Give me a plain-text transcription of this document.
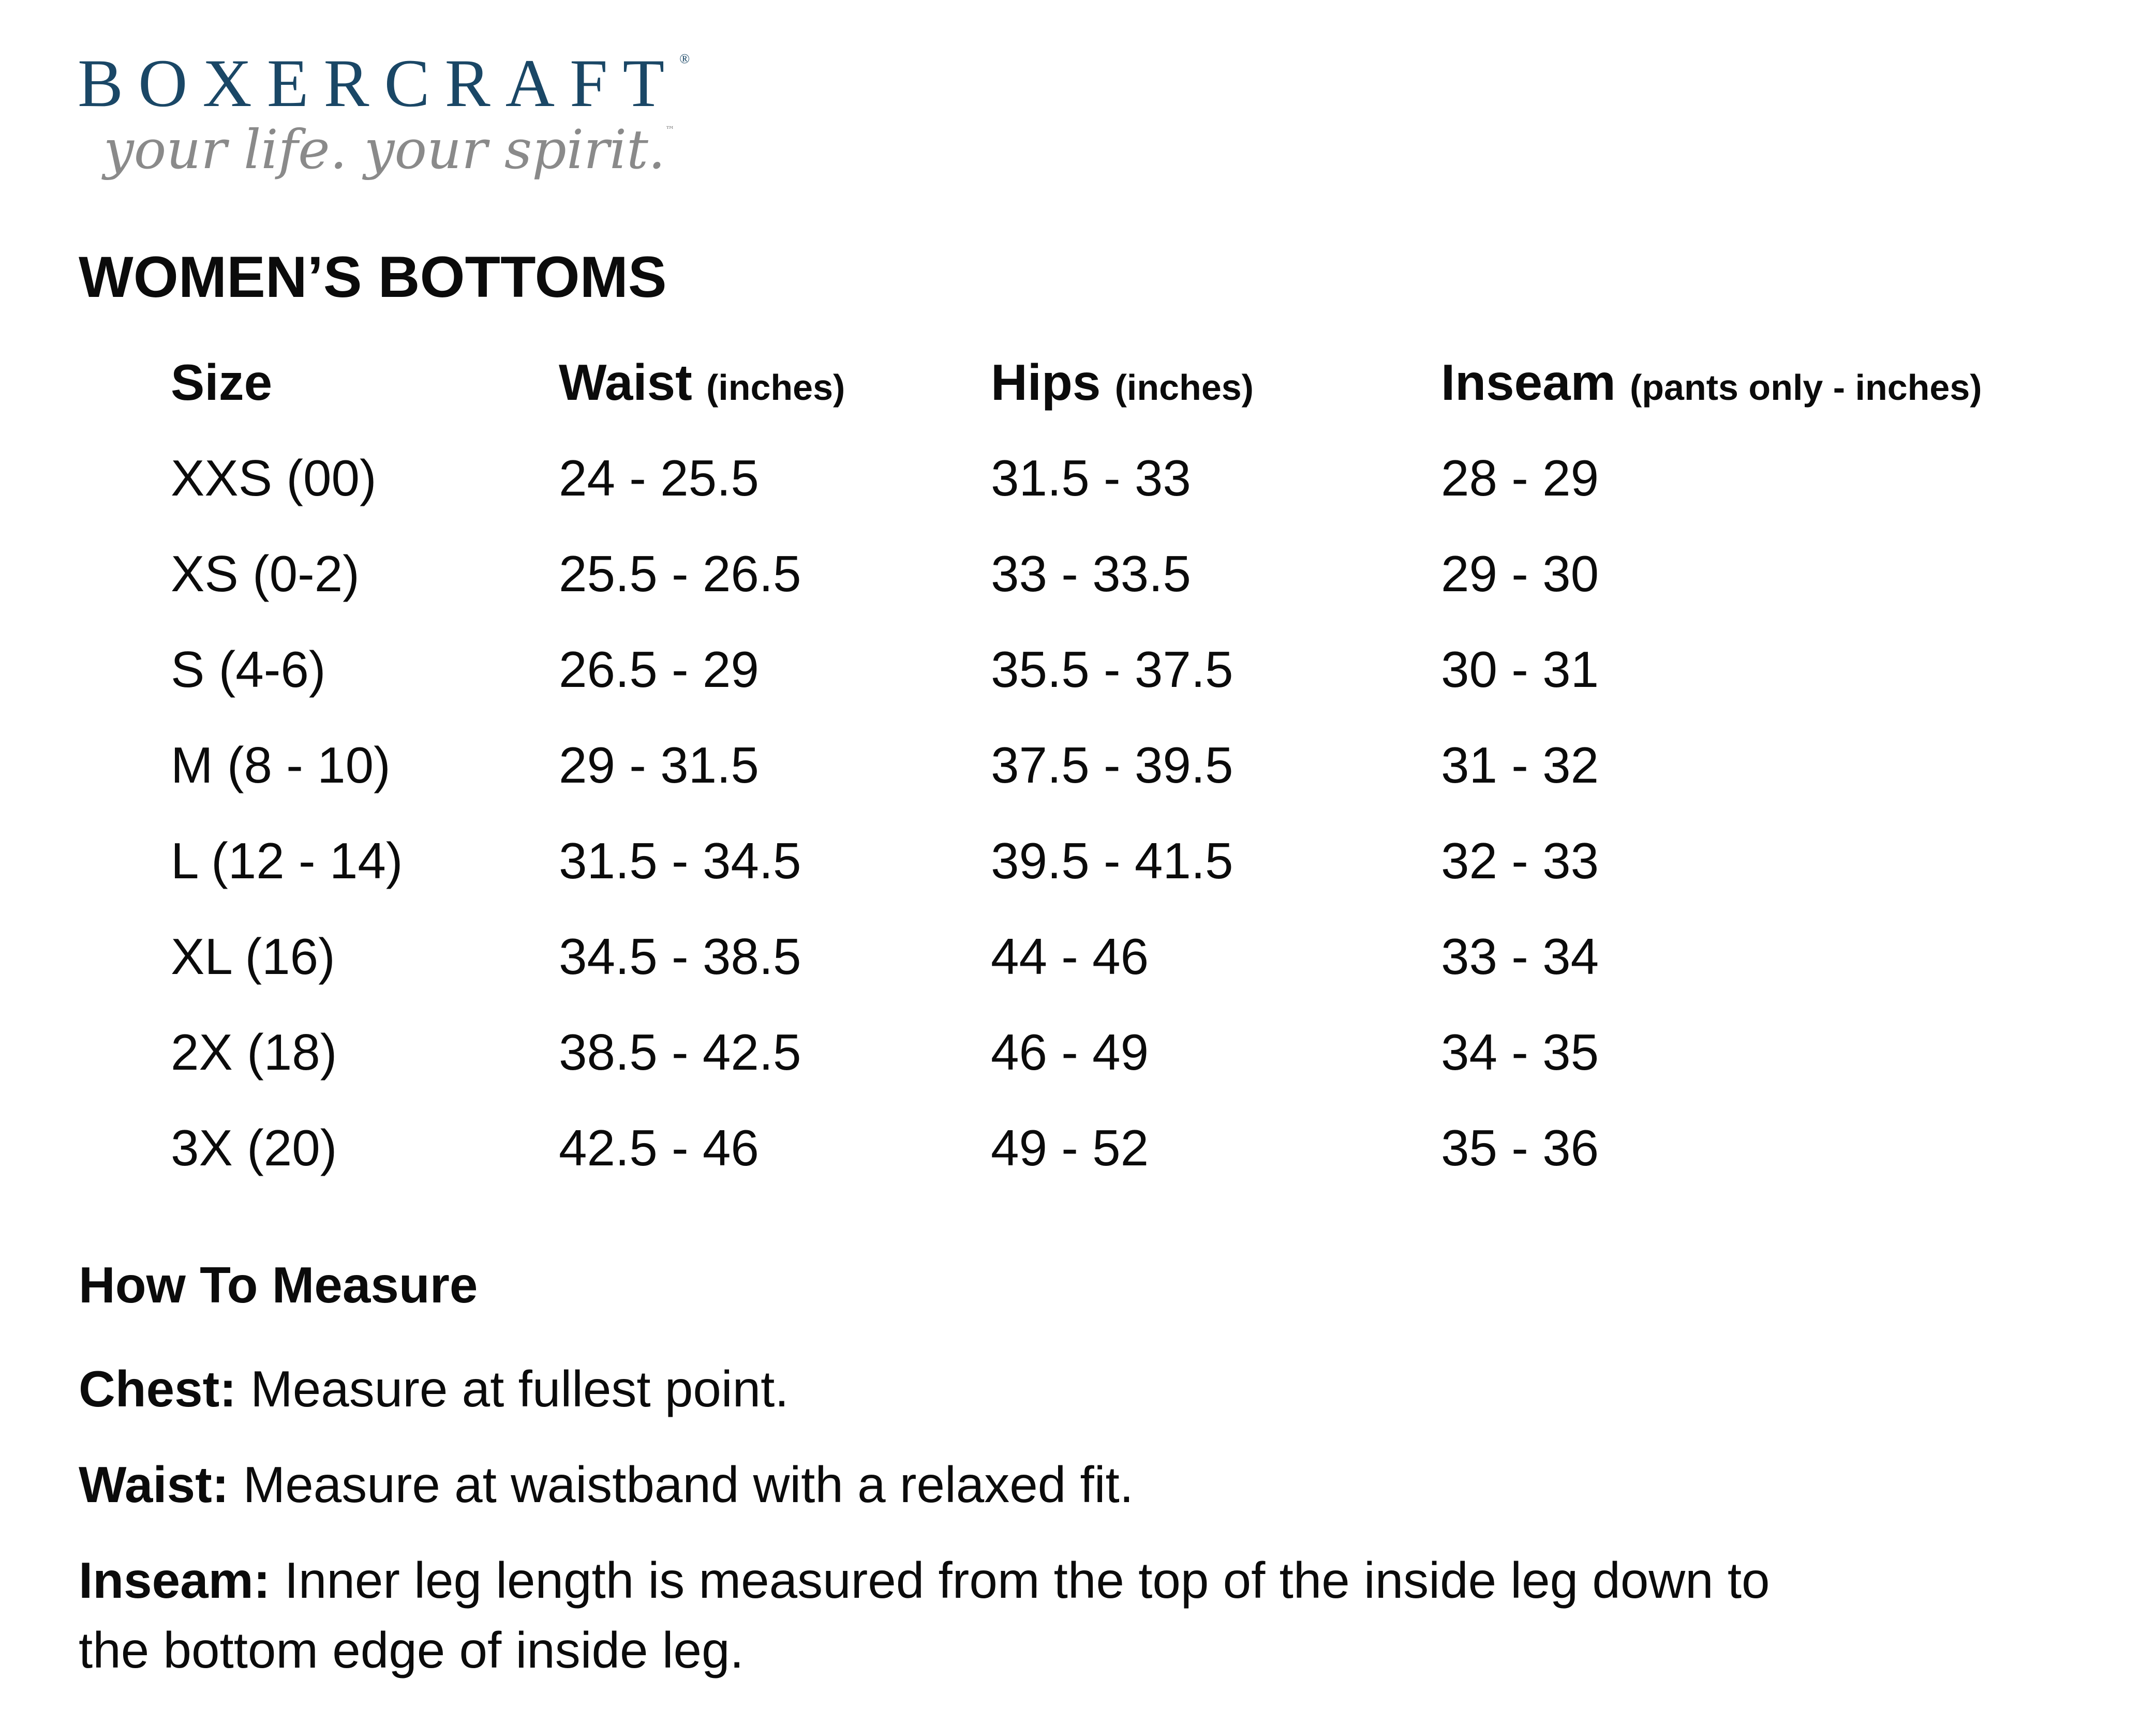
BOXERCRAFT®
your life. your spirit.™
WOMEN’S BOTTOMS
Size	Waist (inches)	Hips (inches)	Inseam (pants only - inches)
XXS (00)	24 - 25.5	31.5 - 33	28 - 29
XS (0-2)	25.5 - 26.5	33 - 33.5	29 - 30
S (4-6)	26.5 - 29	35.5 - 37.5	30 - 31
M (8 - 10)	29 - 31.5	37.5 - 39.5	31 - 32
L (12 - 14)	31.5 - 34.5	39.5 - 41.5	32 - 33
XL (16)	34.5 - 38.5	44 - 46	33 - 34
2X (18)	38.5 - 42.5	46 - 49	34 - 35
3X (20)	42.5 - 46	49 - 52	35 - 36
How To Measure

Chest: Measure at fullest point.

Waist: Measure at waistband with a relaxed fit.

Inseam: Inner leg length is measured from the top of the inside leg down to the bottom edge of inside leg.
